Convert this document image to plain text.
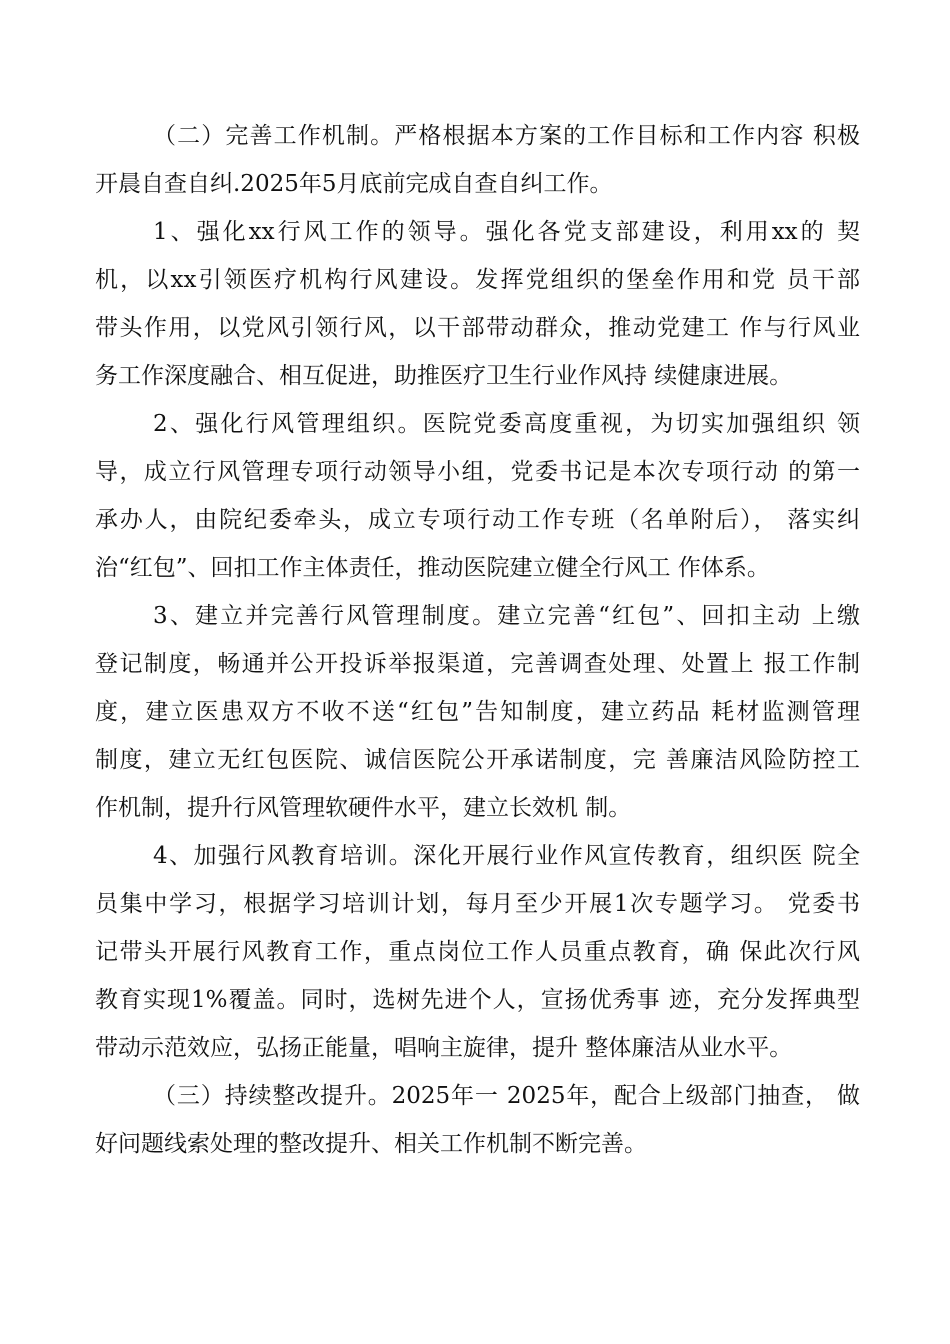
（二）完善工作机制。严格根据本方案的工作目标和工作内容 积极
开晨自查自纠.2025年5月底前完成自查自纠工作。

1、强化xx行风工作的领导。强化各党支部建设，利用xx的 契
机，以xx引领医疗机构行风建设。发挥党组织的堡垒作用和党 员干部
带头作用，以党风引领行风，以干部带动群众，推动党建工 作与行风业
务工作深度融合、相互促进，助推医疗卫生行业作风持 续健康进展。

2、强化行风管理组织。医院党委高度重视，为切实加强组织 领
导，成立行风管理专项行动领导小组，党委书记是本次专项行动 的第一
承办人，由院纪委牵头，成立专项行动工作专班（名单附后）， 落实纠
治“红包”、回扣工作主体责任，推动医院建立健全行风工 作体系。

3、建立并完善行风管理制度。建立完善“红包”、回扣主动 上缴
登记制度，畅通并公开投诉举报渠道，完善调查处理、处置上 报工作制
度，建立医患双方不收不送“红包”告知制度，建立药品 耗材监测管理
制度，建立无红包医院、诚信医院公开承诺制度，完 善廉洁风险防控工
作机制，提升行风管理软硬件水平，建立长效机 制。

4、加强行风教育培训。深化开展行业作风宣传教育，组织医 院全
员集中学习，根据学习培训计划，每月至少开展1次专题学习。 党委书
记带头开展行风教育工作，重点岗位工作人员重点教育，确 保此次行风
教育实现1%覆盖。同时，选树先进个人，宣扬优秀事 迹，充分发挥典型
带动示范效应，弘扬正能量，唱响主旋律，提升 整体廉洁从业水平。

（三）持续整改提升。2025年一 2025年，配合上级部门抽查， 做
好问题线索处理的整改提升、相关工作机制不断完善。
